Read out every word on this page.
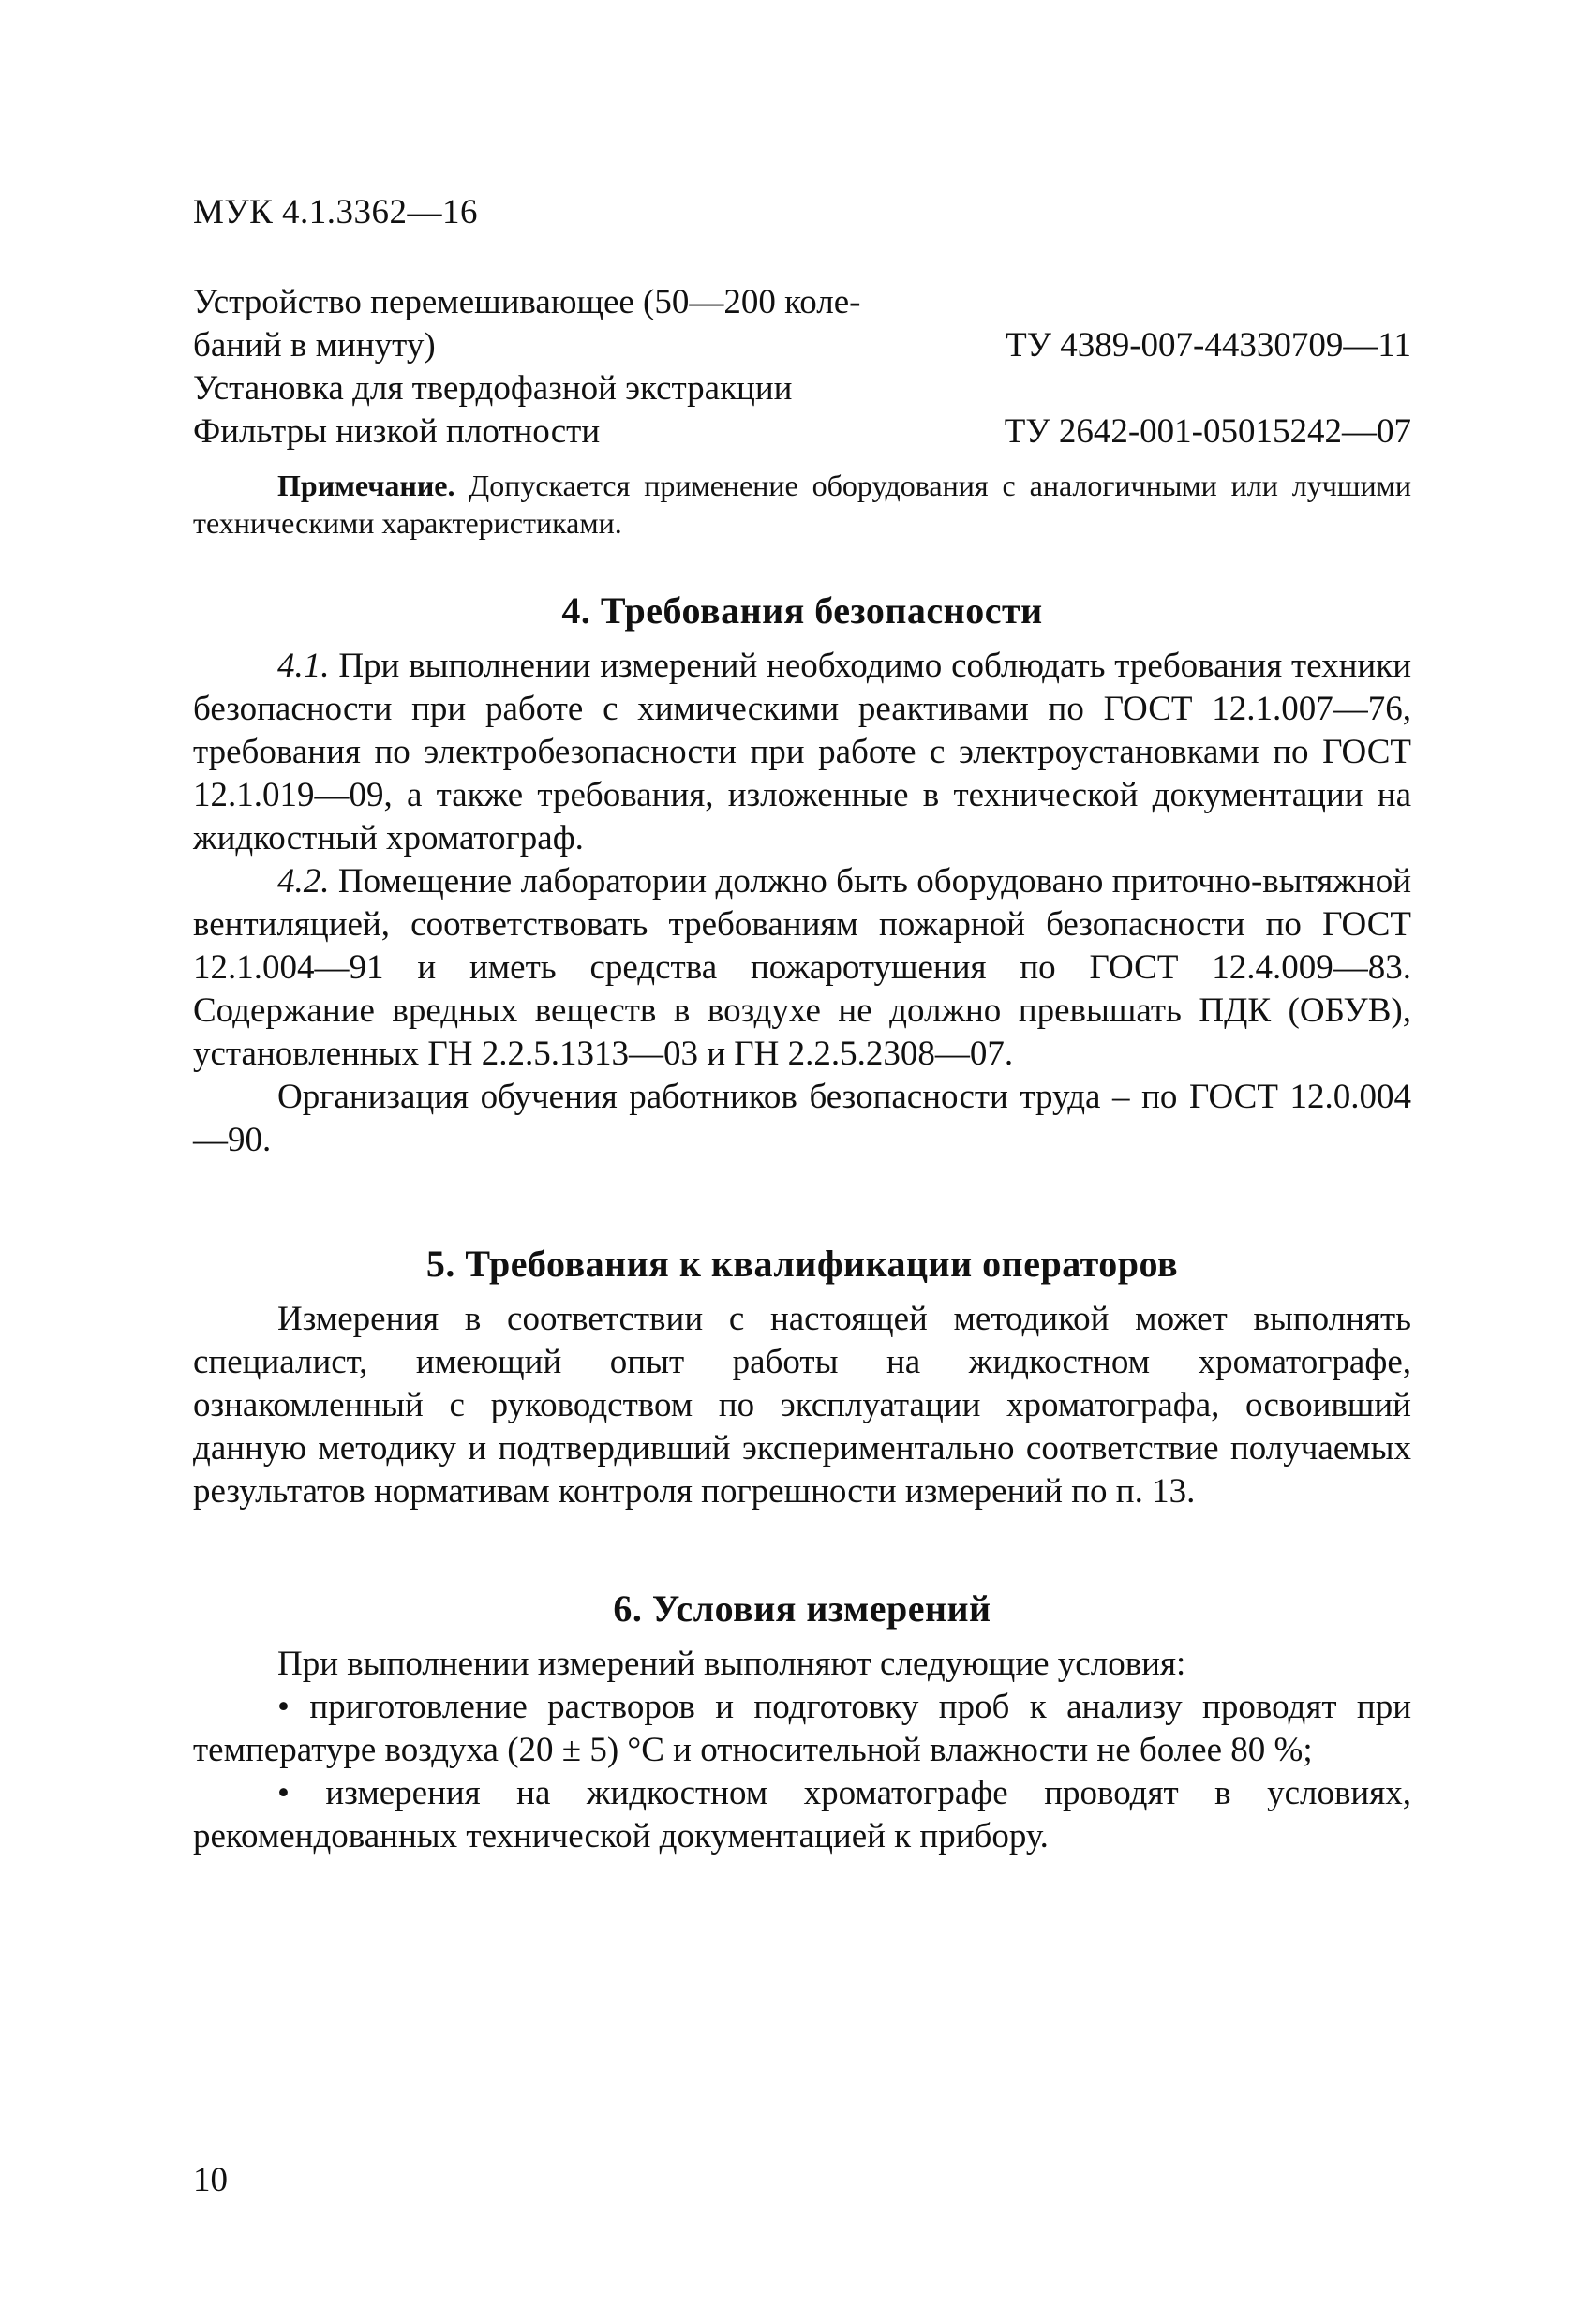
МУК 4.1.3362—16
Устройство перемешивающее (50—200 коле-
баний в минуту)	ТУ 4389-007-44330709—11
Установка для твердофазной экстракции
Фильтры низкой плотности	ТУ 2642-001-05015242—07
Примечание. Допускается применение оборудования с аналогичными или лучшими техническими характеристиками.
4. Требования безопасности

4.1. При выполнении измерений необходимо соблюдать требования техники безопасности при работе с химическими реактивами по ГОСТ 12.1.007—76, требования по электробезопасности при работе с электроустановками по ГОСТ 12.1.019—09, а также требования, изложенные в технической документации на жидкостный хроматограф.

4.2. Помещение лаборатории должно быть оборудовано приточно-вытяжной вентиляцией, соответствовать требованиям пожарной безопасности по ГОСТ 12.1.004—91 и иметь средства пожаротушения по ГОСТ 12.4.009—83. Содержание вредных веществ в воздухе не должно превышать ПДК (ОБУВ), установленных ГН 2.2.5.1313—03 и ГН 2.2.5.2308—07.

Организация обучения работников безопасности труда – по ГОСТ 12.0.004—90.

5. Требования к квалификации операторов

Измерения в соответствии с настоящей методикой может выполнять специалист, имеющий опыт работы на жидкостном хроматографе, ознакомленный с руководством по эксплуатации хроматографа, освоивший данную методику и подтвердивший экспериментально соответствие получаемых результатов нормативам контроля погрешности измерений по п. 13.

6. Условия измерений

При выполнении измерений выполняют следующие условия:

• приготовление растворов и подготовку проб к анализу проводят при температуре воздуха (20 ± 5) °С и относительной влажности не более 80 %;

• измерения на жидкостном хроматографе проводят в условиях, рекомендованных технической документацией к прибору.

10
